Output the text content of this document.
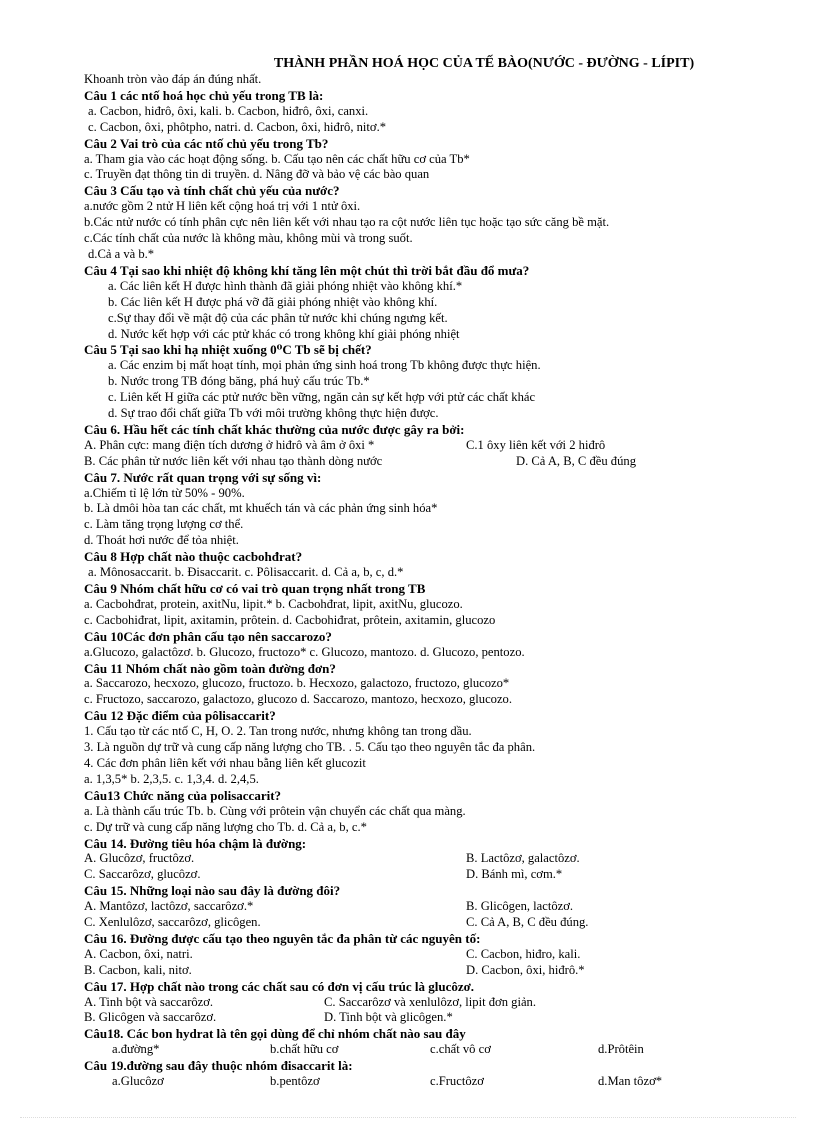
THÀNH PHẦN HOÁ HỌC CỦA TẾ BÀO(NƯỚC - ĐƯỜNG - LÍPIT)
Khoanh tròn vào đáp án đúng nhất.
Câu 1 các ntố hoá học chủ yếu trong TB là:
a. Cacbon, hiđrô, ôxi, kali. b. Cacbon, hiđrô, ôxi, canxi.
c. Cacbon, ôxi, phôtpho, natri. d. Cacbon, ôxi, hiđrô, nitơ.*
Câu 2 Vai trò của các ntố chủ yếu trong Tb?
a. Tham gia vào các hoạt động sống. b. Cấu tạo nên các chất hữu cơ của Tb*
c. Truyền đạt thông tin di truyền. d. Nâng đỡ và bảo vệ các bào quan
Câu 3 Cấu tạo và tính chất chủ yếu của nước?
a.nước gồm 2 ntử H liên kết cộng hoá trị với 1 ntử ôxi.
b.Các ntử nước có tính phân cực nên liên kết với nhau tạo ra cột nước liên tục hoặc tạo sức căng bề mặt.
c.Các tính chất của nước là không màu, không mùi và trong suốt.
d.Cả a và b.*
Câu 4 Tại sao khi nhiệt độ không khí tăng lên một chút thì trời bắt đầu đổ mưa?
a. Các liên kết H được hình thành đã giải phóng nhiệt vào không khí.*
b. Các liên kết H được phá vỡ đã giải phóng nhiệt vào không khí.
c.Sự thay đổi về mật độ của các phân tử nước khi chúng ngưng kết.
d. Nước kết hợp với các ptử khác có trong không khí giải phóng nhiệt
Câu 5 Tại sao khi hạ nhiệt xuống 0⁰C Tb sẽ bị chết?
a. Các enzim bị mất hoạt tính, mọi phản ứng sinh hoá trong Tb không được thực hiện.
b. Nước trong TB đóng băng, phá huỷ cấu trúc Tb.*
c. Liên kết H giữa các ptử nước bền vững, ngăn cản sự kết hợp với ptử các chất khác
d. Sự trao đổi chất giữa Tb với môi trường không thực hiện được.
Câu 6. Hầu hết các tính chất khác thường của nước được gây ra bởi:
A. Phân cực: mang điện tích dương ở hiđrô và âm ở ôxi *	C.1 ôxy liên kết với 2 hiđrô
B. Các phân tử nước liên kết với nhau tạo thành dòng nước	D. Cả A, B, C đều đúng
Câu 7. Nước rất quan trọng với sự sống vì:
a.Chiếm tỉ lệ lớn từ 50% - 90%.
b. Là dmôi hòa tan các chất, mt khuếch tán và các phản ứng sinh hóa*
c. Làm tăng trọng lượng cơ thể.
d. Thoát hơi nước để tỏa nhiệt.
Câu 8 Hợp chất nào thuộc cacbohđrat?
a. Mônosaccarit. b. Đisaccarit. c. Pôlisaccarit. d. Cả a, b, c, d.*
Câu 9 Nhóm chất hữu cơ có vai trò quan trọng nhất trong TB
a. Cacbohđrat, protein, axitNu, lipit.* b. Cacbohđrat, lipit, axitNu, glucozo.
c. Cacbohiđrat, lipit, axitamin, prôtein. d. Cacbohiđrat, prôtein, axitamin, glucozo
Câu 10Các đơn phân cấu tạo nên saccarozo?
a.Glucozo, galactôzơ. b. Glucozo, fructozo* c. Glucozo, mantozo. d. Glucozo, pentozo.
Câu 11 Nhóm chất nào gồm toàn đường đơn?
a. Saccarozo, hecxozo, glucozo, fructozo. b. Hecxozo, galactozo, fructozo, glucozo*
c. Fructozo, saccarozo, galactozo, glucozo d. Saccarozo, mantozo, hecxozo, glucozo.
Câu 12 Đặc điểm của pôlisaccarit?
1. Cấu tạo từ các ntố C, H, O. 2. Tan trong nước, nhưng không tan trong dầu.
3. Là nguồn dự trữ và cung cấp năng lượng cho TB. . 5. Cấu tạo theo nguyên tắc đa phân.
4. Các đơn phân liên kết với nhau bằng liên kết glucozit
a. 1,3,5* b. 2,3,5. c. 1,3,4. d. 2,4,5.
Câu13 Chức năng của polisaccarit?
a. Là thành cấu trúc Tb. b. Cùng với prôtein vận chuyển các chất qua màng.
c. Dự trữ và cung cấp năng lượng cho Tb. d. Cả a, b, c.*
Câu 14. Đường tiêu hóa chậm là đường:
A. Glucôzơ, fructôzơ.	B. Lactôzơ, galactôzơ.
C. Saccarôzơ, glucôzơ.	D. Bánh mì, cơm.*
Câu 15. Những loại nào sau đây là đường đôi?
A. Mantôzơ, lactôzơ, saccarôzơ.*	B. Glicôgen, lactôzơ.
C. Xenlulôzơ, saccarôzơ, glicôgen.	C. Cả A, B, C đều đúng.
Câu 16. Đường được cấu tạo theo nguyên tắc đa phân từ các nguyên tố:
A. Cacbon, ôxi, natri.	C. Cacbon, hiđro, kali.
B. Cacbon, kali, nitơ.	D. Cacbon, ôxi, hiđrô.*
Câu 17. Hợp chất nào trong các chất sau có đơn vị cấu trúc là glucôzơ.
A. Tinh bột và saccarôzơ.	C. Saccarôzơ và xenlulôzơ, lipit đơn giản.
B. Glicôgen và saccarôzơ.	D. Tinh bột và glicôgen.*
Câu18. Các bon hydrat là tên gọi dùng để chỉ nhóm chất nào sau đây
a.đường*	b.chất hữu cơ	c.chất vô cơ	d.Prôtêin
Câu 19.đường sau đây thuộc nhóm đisaccarit là:
a.Glucôzơ	b.pentôzơ	c.Fructôzơ	d.Man tôzơ*
